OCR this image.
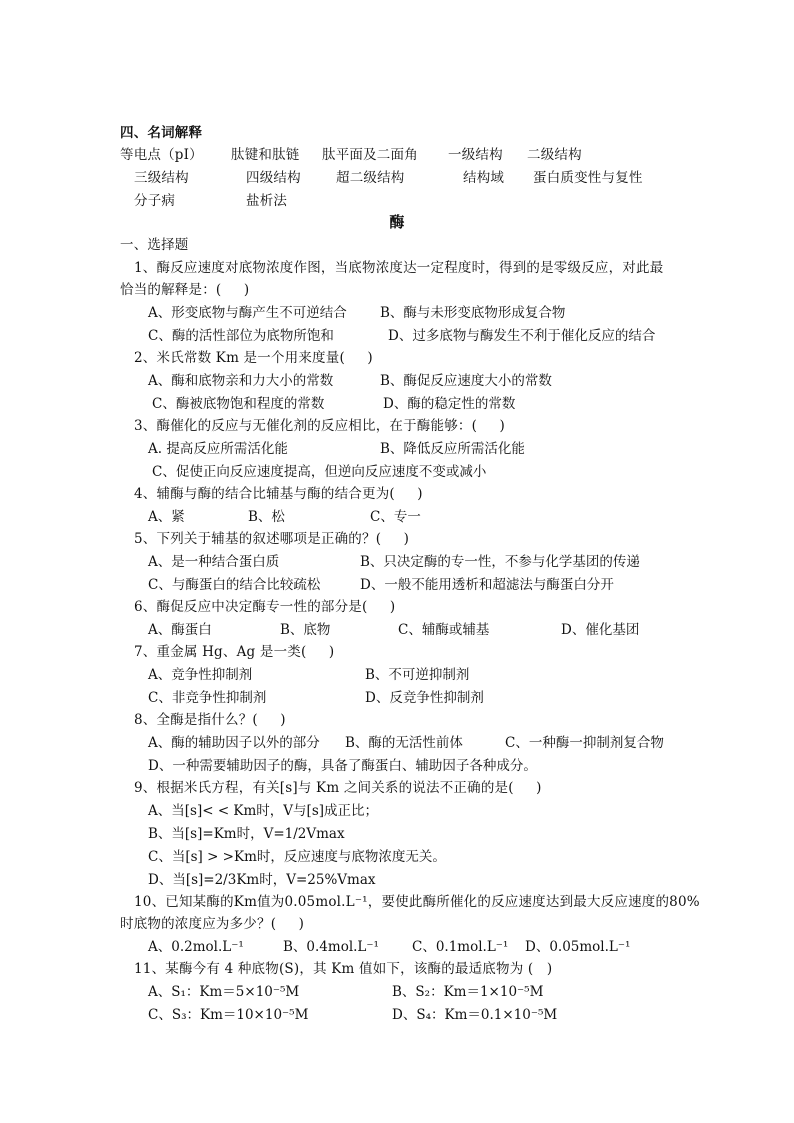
四、名词解释
等电点（pI） 肽键和肽链 肽平面及二面角 一级结构 二级结构
三级结构	四级结构	超二级结构	结构域 蛋白质变性与复性
分子病	盐析法
酶
一、选择题
1、酶反应速度对底物浓度作图，当底物浓度达一定程度时，得到的是零级反应，对此最
恰当的解释是：(     )
A、形变底物与酶产生不可逆结合 B、酶与未形变底物形成复合物
C、酶的活性部位为底物所饱和	D、过多底物与酶发生不利于催化反应的结合
2、米氏常数 Km 是一个用来度量(     )
A、酶和底物亲和力大小的常数	B、酶促反应速度大小的常数
C、酶被底物饱和程度的常数	D、酶的稳定性的常数
3、酶催化的反应与无催化剂的反应相比，在于酶能够：(     )
A. 提高反应所需活化能	B、降低反应所需活化能
C、促使正向反应速度提高，但逆向反应速度不变或减小
4、辅酶与酶的结合比辅基与酶的结合更为(     )
A、紧	B、松	C、专一
5、下列关于辅基的叙述哪项是正确的？(     )
A、是一种结合蛋白质	B、只决定酶的专一性，不参与化学基团的传递
C、与酶蛋白的结合比较疏松	D、一般不能用透析和超滤法与酶蛋白分开
6、酶促反应中决定酶专一性的部分是(     )
A、酶蛋白	B、底物	C、辅酶或辅基	D、催化基团
7、重金属 Hg、Ag 是一类(     )
A、竞争性抑制剂	B、不可逆抑制剂
C、非竞争性抑制剂	D、反竞争性抑制剂
8、全酶是指什么？(     )
A、酶的辅助因子以外的部分 B、酶的无活性前体	C、一种酶一抑制剂复合物
D、一种需要辅助因子的酶，具备了酶蛋白、辅助因子各种成分。
9、根据米氏方程，有关[s]与 Km 之间关系的说法不正确的是(     )
A、当[s]< < Km时，V与[s]成正比；
B、当[s]=Km时，V=1/2Vmax
C、当[s] > >Km时，反应速度与底物浓度无关。
D、当[s]=2/3Km时，V=25%Vmax
10、已知某酶的Km值为0.05mol.L⁻¹，要使此酶所催化的反应速度达到最大反应速度的80%
时底物的浓度应为多少？(     )
A、0.2mol.L⁻¹	B、0.4mol.L⁻¹ C、0.1mol.L⁻¹ D、0.05mol.L⁻¹
11、某酶今有 4 种底物(S)，其 Km 值如下，该酶的最适底物为 (   )
A、S₁：Km＝5×10⁻⁵M	B、S₂：Km＝1×10⁻⁵M
C、S₃：Km＝10×10⁻⁵M	D、S₄：Km＝0.1×10⁻⁵M
